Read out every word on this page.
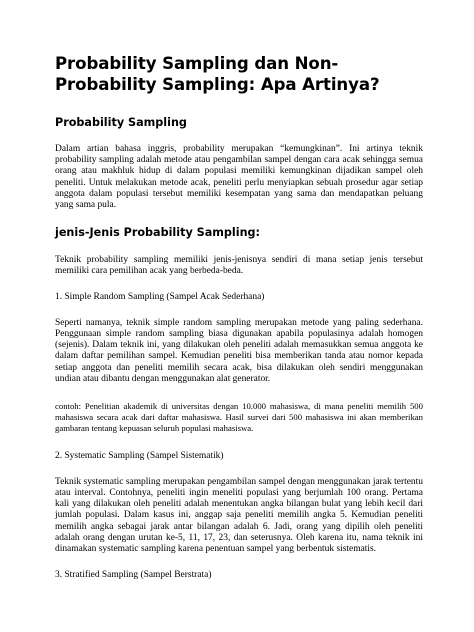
Probability Sampling dan Non-Probability Sampling: Apa Artinya?
Probability Sampling

Dalam artian bahasa inggris, probability merupakan “kemungkinan”. Ini artinya teknik probability sampling adalah metode atau pengambilan sampel dengan cara acak sehingga semua orang atau makhluk hidup di dalam populasi memiliki kemungkinan dijadikan sampel oleh peneliti. Untuk melakukan metode acak, peneliti perlu menyiapkan sebuah prosedur agar setiap anggota dalam populasi tersebut memiliki kesempatan yang sama dan mendapatkan peluang yang sama pula.

jenis-Jenis Probability Sampling:

Teknik probability sampling memiliki jenis-jenisnya sendiri di mana setiap jenis tersebut memiliki cara pemilihan acak yang berbeda-beda.

1. Simple Random Sampling (Sampel Acak Sederhana)

Seperti namanya, teknik simple random sampling merupakan metode yang paling sederhana. Penggunaan simple random sampling biasa digunakan apabila populasinya adalah homogen (sejenis). Dalam teknik ini, yang dilakukan oleh peneliti adalah memasukkan semua anggota ke dalam daftar pemilihan sampel. Kemudian peneliti bisa memberikan tanda atau nomor kepada setiap anggota dan peneliti memilih secara acak, bisa dilakukan oleh sendiri menggunakan undian atau dibantu dengan menggunakan alat generator.

contoh: Penelitian akademik di universitas dengan 10.000 mahasiswa, di mana peneliti memilih 500 mahasiswa secara acak dari daftar mahasiswa. Hasil survei dari 500 mahasiswa ini akan memberikan gambaran tentang kepuasan seluruh populasi mahasiswa.

2. Systematic Sampling (Sampel Sistematik)

Teknik systematic sampling merupakan pengambilan sampel dengan menggunakan jarak tertentu atau interval. Contohnya, peneliti ingin meneliti populasi yang berjumlah 100 orang. Pertama kali yang dilakukan oleh peneliti adalah menentukan angka bilangan bulat yang lebih kecil dari jumlah populasi. Dalam kasus ini, anggap saja peneliti memilih angka 5. Kemudian peneliti memilih angka sebagai jarak antar bilangan adalah 6. Jadi, orang yang dipilih oleh peneliti adalah orang dengan urutan ke-5, 11, 17, 23, dan seterusnya. Oleh karena itu, nama teknik ini dinamakan systematic sampling karena penentuan sampel yang berbentuk sistematis.

3. Stratified Sampling (Sampel Berstrata)
